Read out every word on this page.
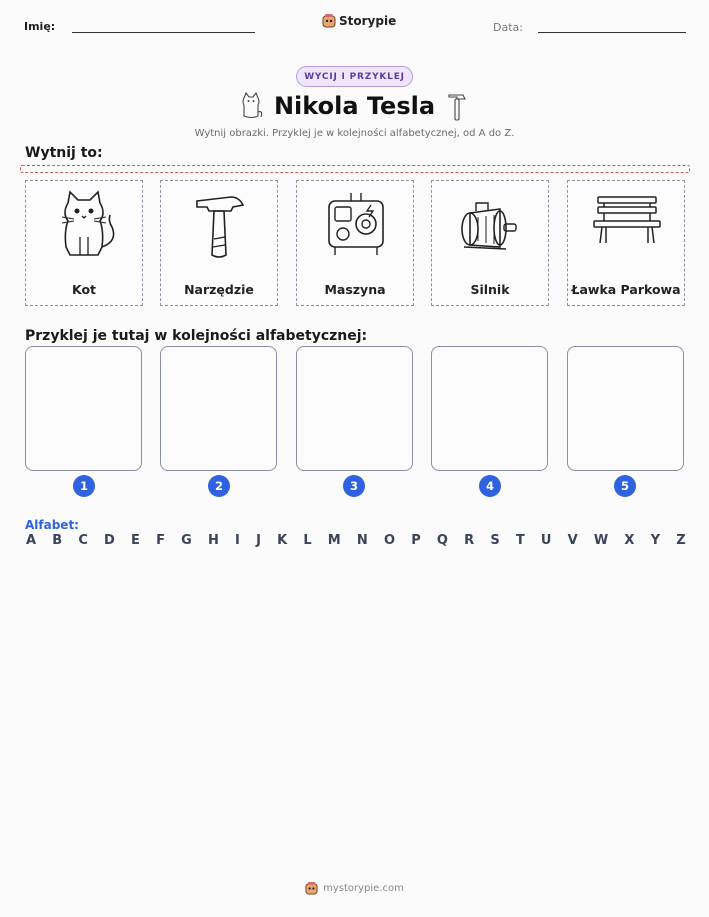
Imię:	Storypie	Data:
WYCIJ I PRZYKLEJ
Nikola Tesla
Wytnij obrazki. Przyklej je w kolejności alfabetycznej, od A do Z.
Wytnij to:
Kot	Narzędzie	Maszyna	Silnik	Ławka Parkowa
Przyklej je tutaj w kolejności alfabetycznej:
1	2	3	4	5
Alfabet:
A B C D E F G H I J K L M N O P Q R S T U V W X Y Z
mystorypie.com
